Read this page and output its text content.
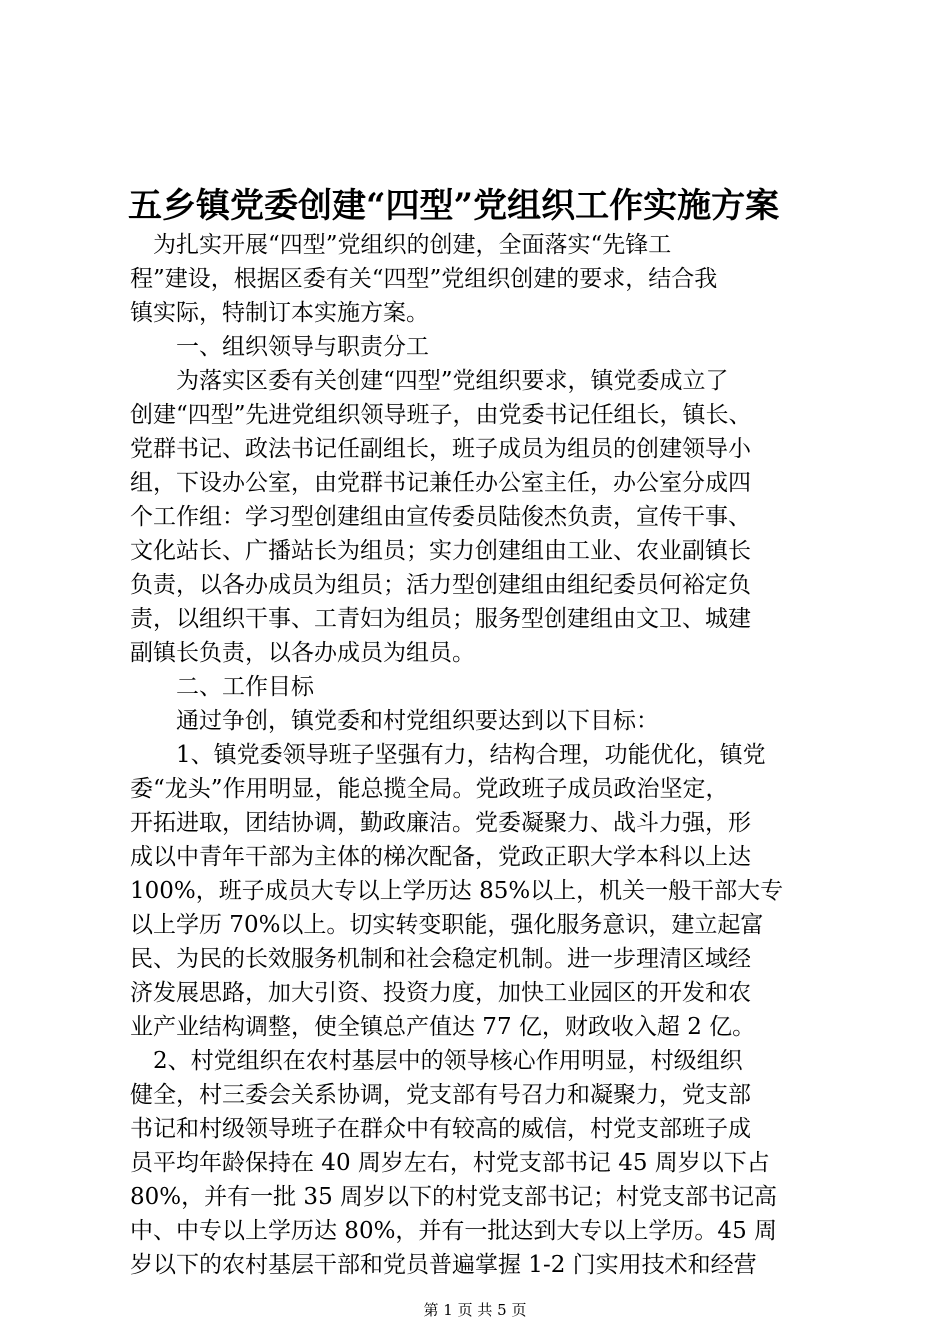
五乡镇党委创建“四型”党组织工作实施方案
　为扎实开展“四型”党组织的创建，全面落实“先锋工
程”建设，根据区委有关“四型”党组织创建的要求，结合我
镇实际，特制订本实施方案。
　　一、组织领导与职责分工
　　为落实区委有关创建“四型”党组织要求，镇党委成立了
创建“四型”先进党组织领导班子，由党委书记任组长，镇长、
党群书记、政法书记任副组长，班子成员为组员的创建领导小
组，下设办公室，由党群书记兼任办公室主任，办公室分成四
个工作组：学习型创建组由宣传委员陆俊杰负责，宣传干事、
文化站长、广播站长为组员；实力创建组由工业、农业副镇长
负责，以各办成员为组员；活力型创建组由组纪委员何裕定负
责，以组织干事、工青妇为组员；服务型创建组由文卫、城建
副镇长负责，以各办成员为组员。
　　二、工作目标
　　通过争创，镇党委和村党组织要达到以下目标：
　　1、镇党委领导班子坚强有力，结构合理，功能优化，镇党
委“龙头”作用明显，能总揽全局。党政班子成员政治坚定，
开拓进取，团结协调，勤政廉洁。党委凝聚力、战斗力强，形
成以中青年干部为主体的梯次配备，党政正职大学本科以上达
100%，班子成员大专以上学历达 85%以上，机关一般干部大专
以上学历 70%以上。切实转变职能，强化服务意识，建立起富
民、为民的长效服务机制和社会稳定机制。进一步理清区域经
济发展思路，加大引资、投资力度，加快工业园区的开发和农
业产业结构调整，使全镇总产值达 77 亿，财政收入超 2 亿。
　2、村党组织在农村基层中的领导核心作用明显，村级组织
健全，村三委会关系协调，党支部有号召力和凝聚力，党支部
书记和村级领导班子在群众中有较高的威信，村党支部班子成
员平均年龄保持在 40 周岁左右，村党支部书记 45 周岁以下占
80%，并有一批 35 周岁以下的村党支部书记；村党支部书记高
中、中专以上学历达 80%，并有一批达到大专以上学历。45 周
岁以下的农村基层干部和党员普遍掌握 1-2 门实用技术和经营
第 1 页 共 5 页
